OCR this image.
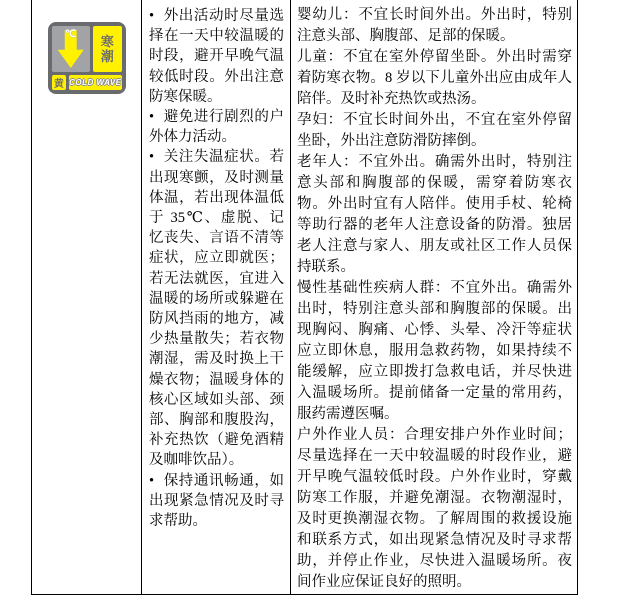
℃	寒
潮
黄 COLD WAVE
• 外出活动时尽量选择在一天中较温暖的时段，避开早晚气温较低时段。外出注意防寒保暖。
• 避免进行剧烈的户外体力活动。
• 关注失温症状。若出现寒颤，及时测量体温，若出现体温低于 35℃、虚脱、记忆丧失、言语不清等症状，应立即就医；若无法就医，宜进入温暖的场所或躲避在防风挡雨的地方，减少热量散失；若衣物潮湿，需及时换上干燥衣物；温暖身体的核心区域如头部、颈部、胸部和腹股沟，补充热饮（避免酒精及咖啡饮品）。
• 保持通讯畅通，如出现紧急情况及时寻求帮助。
婴幼儿：不宜长时间外出。外出时，特别注意头部、胸腹部、足部的保暖。
儿童：不宜在室外停留坐卧。外出时需穿着防寒衣物。8 岁以下儿童外出应由成年人陪伴。及时补充热饮或热汤。
孕妇：不宜长时间外出，不宜在室外停留坐卧，外出注意防滑防摔倒。
老年人：不宜外出。确需外出时，特别注意头部和胸腹部的保暖，需穿着防寒衣物。外出时宜有人陪伴。使用手杖、轮椅等助行器的老年人注意设备的防滑。独居老人注意与家人、朋友或社区工作人员保持联系。
慢性基础性疾病人群：不宜外出。确需外出时，特别注意头部和胸腹部的保暖。出现胸闷、胸痛、心悸、头晕、冷汗等症状应立即休息，服用急救药物，如果持续不能缓解，应立即拨打急救电话，并尽快进入温暖场所。提前储备一定量的常用药，服药需遵医嘱。
户外作业人员：合理安排户外作业时间；尽量选择在一天中较温暖的时段作业，避开早晚气温较低时段。户外作业时，穿戴防寒工作服，并避免潮湿。衣物潮湿时，及时更换潮湿衣物。了解周围的救援设施和联系方式，如出现紧急情况及时寻求帮助，并停止作业，尽快进入温暖场所。夜间作业应保证良好的照明。
